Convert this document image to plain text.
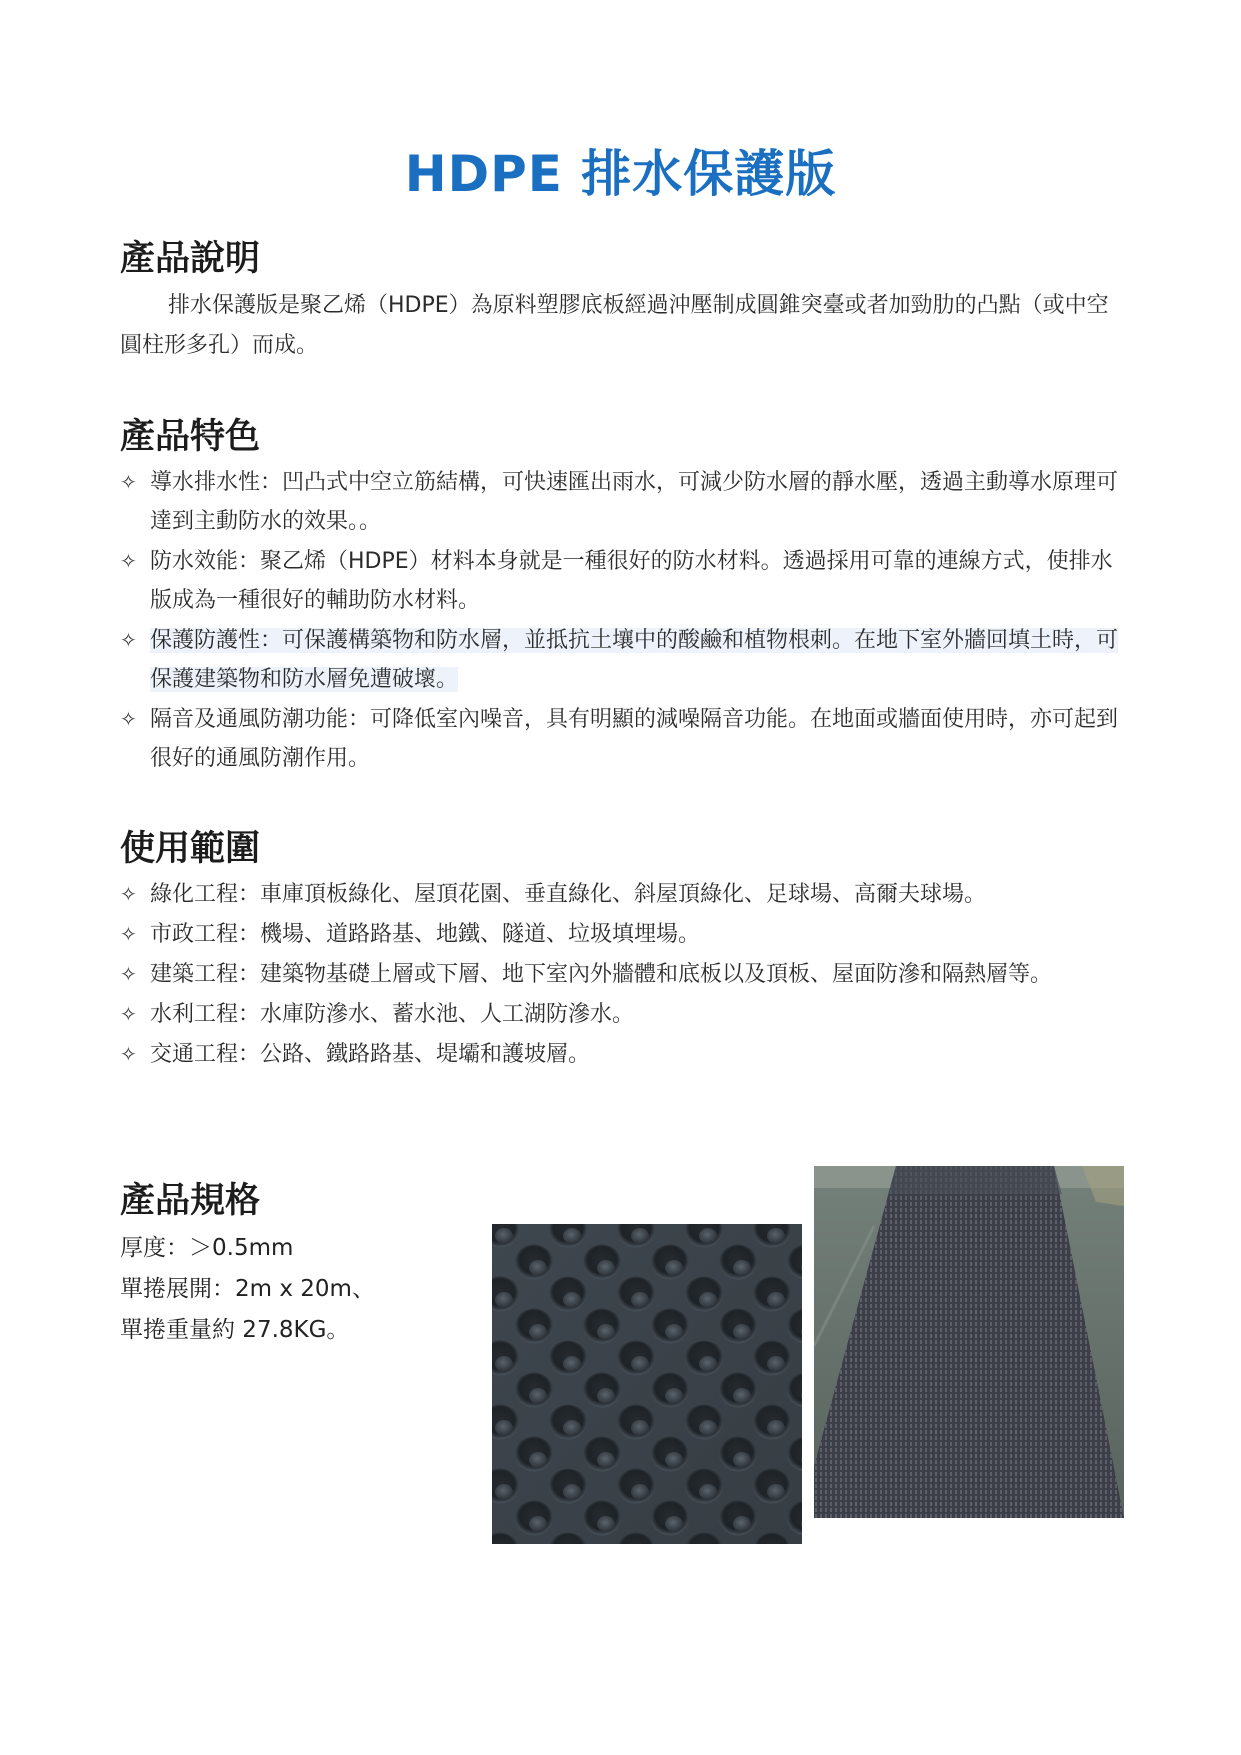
HDPE 排水保護版
產品說明
排水保護版是聚乙烯（HDPE）為原料塑膠底板經過沖壓制成圓錐突臺或者加勁肋的凸點（或中空圓柱形多孔）而成。
產品特色
✧ 導水排水性：凹凸式中空立筋結構，可快速匯出雨水，可減少防水層的靜水壓，透過主動導水原理可達到主動防水的效果。。
✧ 防水效能：聚乙烯（HDPE）材料本身就是一種很好的防水材料。透過採用可靠的連線方式，使排水版成為一種很好的輔助防水材料。
✧ 保護防護性：可保護構築物和防水層，並抵抗土壤中的酸鹼和植物根刺。在地下室外牆回填土時，可保護建築物和防水層免遭破壞。
✧ 隔音及通風防潮功能：可降低室內噪音，具有明顯的減噪隔音功能。在地面或牆面使用時，亦可起到很好的通風防潮作用。
使用範圍
✧ 綠化工程：車庫頂板綠化、屋頂花園、垂直綠化、斜屋頂綠化、足球場、高爾夫球場。
✧ 市政工程：機場、道路路基、地鐵、隧道、垃圾填埋場。
✧ 建築工程：建築物基礎上層或下層、地下室內外牆體和底板以及頂板、屋面防滲和隔熱層等。
✧ 水利工程：水庫防滲水、蓄水池、人工湖防滲水。
✧ 交通工程：公路、鐵路路基、堤壩和護坡層。
產品規格
厚度：＞0.5mm
單捲展開：2m x 20m、
單捲重量約 27.8KG。
